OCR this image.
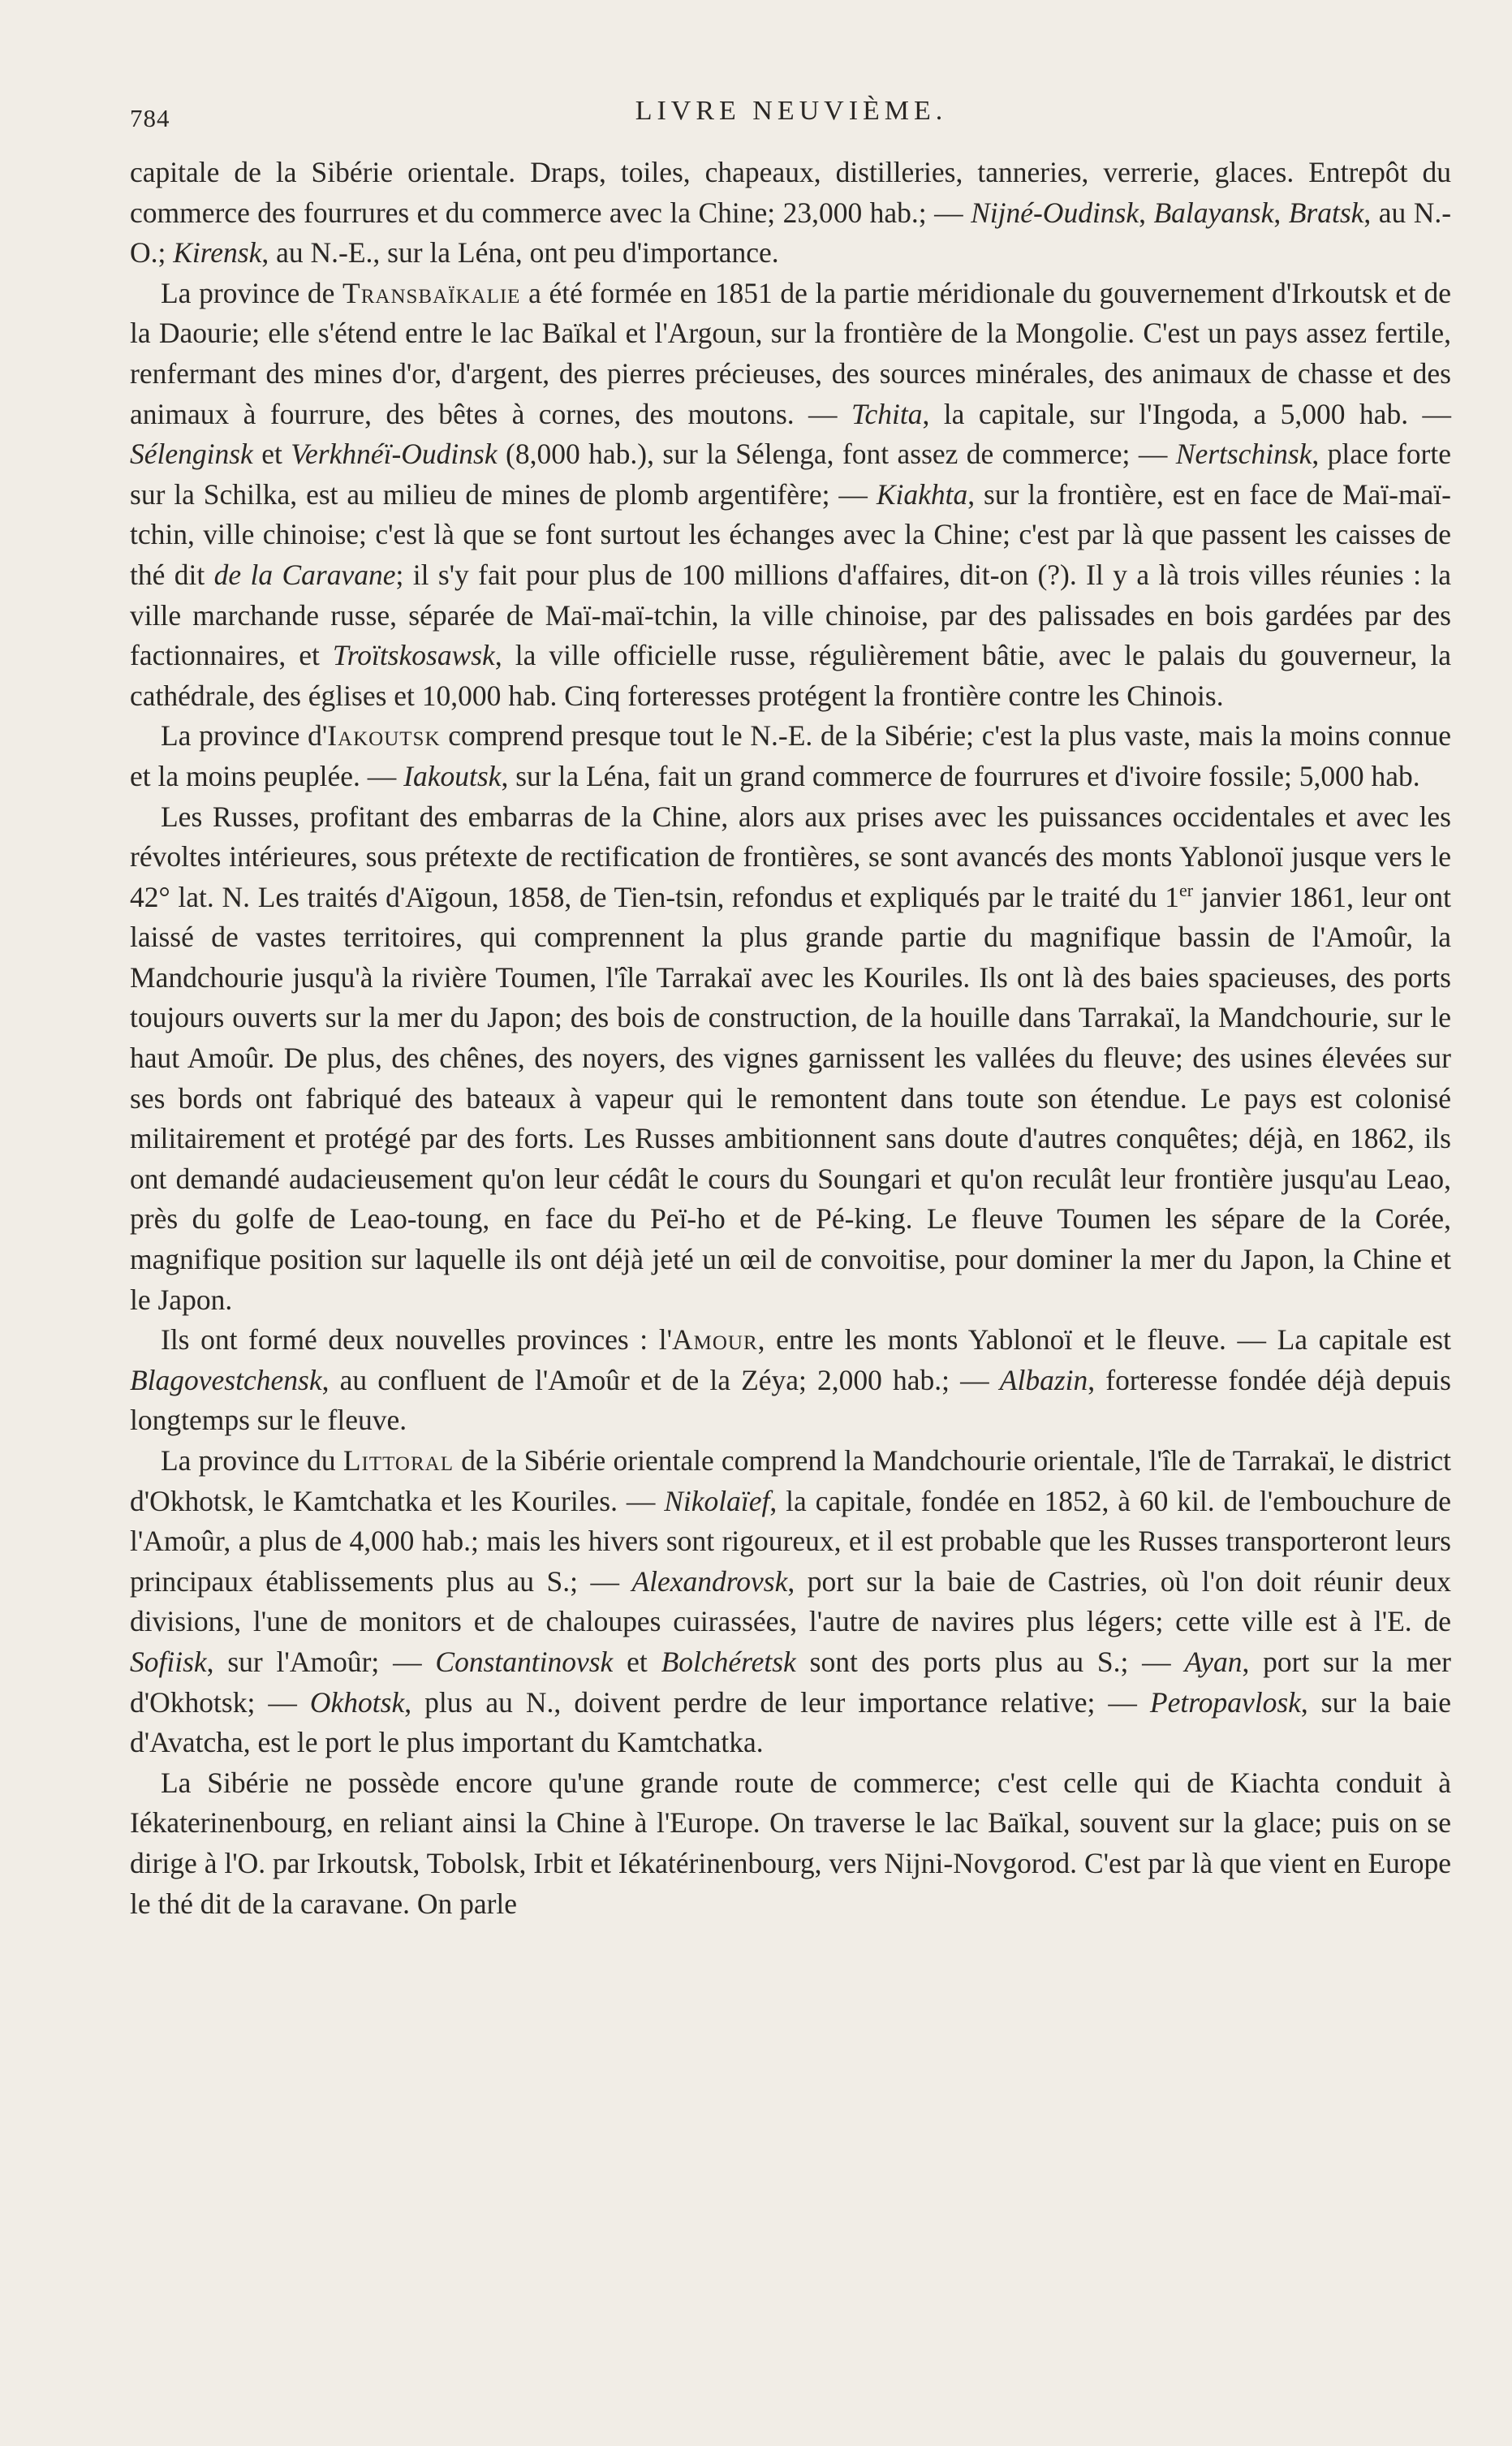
784	LIVRE NEUVIÈME.

capitale de la Sibérie orientale. Draps, toiles, chapeaux, distilleries, tanneries, verrerie, glaces. Entrepôt du commerce des fourrures et du commerce avec la Chine; 23,000 hab.; — Nijné-Oudinsk, Balayansk, Bratsk, au N.-O.; Kirensk, au N.-E., sur la Léna, ont peu d'importance.

La province de Transbaïkalie a été formée en 1851 de la partie méridionale du gouvernement d'Irkoutsk et de la Daourie; elle s'étend entre le lac Baïkal et l'Argoun, sur la frontière de la Mongolie. C'est un pays assez fertile, renfermant des mines d'or, d'argent, des pierres précieuses, des sources minérales, des animaux de chasse et des animaux à fourrure, des bêtes à cornes, des moutons. — Tchita, la capitale, sur l'Ingoda, a 5,000 hab. — Sélenginsk et Verkhnéï-Oudinsk (8,000 hab.), sur la Sélenga, font assez de commerce; — Nertschinsk, place forte sur la Schilka, est au milieu de mines de plomb argentifère; — Kiakhta, sur la frontière, est en face de Maï-maï-tchin, ville chinoise; c'est là que se font surtout les échanges avec la Chine; c'est par là que passent les caisses de thé dit de la Caravane; il s'y fait pour plus de 100 millions d'affaires, dit-on (?). Il y a là trois villes réunies : la ville marchande russe, séparée de Maï-maï-tchin, la ville chinoise, par des palissades en bois gardées par des factionnaires, et Troïtskosawsk, la ville officielle russe, régulièrement bâtie, avec le palais du gouverneur, la cathédrale, des églises et 10,000 hab. Cinq forteresses protégent la frontière contre les Chinois.

La province d'Iakoutsk comprend presque tout le N.-E. de la Sibérie; c'est la plus vaste, mais la moins connue et la moins peuplée. — Iakoutsk, sur la Léna, fait un grand commerce de fourrures et d'ivoire fossile; 5,000 hab.

Les Russes, profitant des embarras de la Chine, alors aux prises avec les puissances occidentales et avec les révoltes intérieures, sous prétexte de rectification de frontières, se sont avancés des monts Yablonoï jusque vers le 42° lat. N. Les traités d'Aïgoun, 1858, de Tien-tsin, refondus et expliqués par le traité du 1er janvier 1861, leur ont laissé de vastes territoires, qui comprennent la plus grande partie du magnifique bassin de l'Amoûr, la Mandchourie jusqu'à la rivière Toumen, l'île Tarrakaï avec les Kouriles. Ils ont là des baies spacieuses, des ports toujours ouverts sur la mer du Japon; des bois de construction, de la houille dans Tarrakaï, la Mandchourie, sur le haut Amoûr. De plus, des chênes, des noyers, des vignes garnissent les vallées du fleuve; des usines élevées sur ses bords ont fabriqué des bateaux à vapeur qui le remontent dans toute son étendue. Le pays est colonisé militairement et protégé par des forts. Les Russes ambitionnent sans doute d'autres conquêtes; déjà, en 1862, ils ont demandé audacieusement qu'on leur cédât le cours du Soungari et qu'on reculât leur frontière jusqu'au Leao, près du golfe de Leao-toung, en face du Peï-ho et de Pé-king. Le fleuve Toumen les sépare de la Corée, magnifique position sur laquelle ils ont déjà jeté un œil de convoitise, pour dominer la mer du Japon, la Chine et le Japon.

Ils ont formé deux nouvelles provinces : l'Amour, entre les monts Yablonoï et le fleuve. — La capitale est Blagovestchensk, au confluent de l'Amoûr et de la Zéya; 2,000 hab.; — Albazin, forteresse fondée déjà depuis longtemps sur le fleuve.

La province du Littoral de la Sibérie orientale comprend la Mandchourie orientale, l'île de Tarrakaï, le district d'Okhotsk, le Kamtchatka et les Kouriles. — Nikolaïef, la capitale, fondée en 1852, à 60 kil. de l'embouchure de l'Amoûr, a plus de 4,000 hab.; mais les hivers sont rigoureux, et il est probable que les Russes transporteront leurs principaux établissements plus au S.; — Alexandrovsk, port sur la baie de Castries, où l'on doit réunir deux divisions, l'une de monitors et de chaloupes cuirassées, l'autre de navires plus légers; cette ville est à l'E. de Sofiisk, sur l'Amoûr; — Constantinovsk et Bolchéretsk sont des ports plus au S.; — Ayan, port sur la mer d'Okhotsk; — Okhotsk, plus au N., doivent perdre de leur importance relative; — Petropavlosk, sur la baie d'Avatcha, est le port le plus important du Kamtchatka.

La Sibérie ne possède encore qu'une grande route de commerce; c'est celle qui de Kiachta conduit à Iékaterinenbourg, en reliant ainsi la Chine à l'Europe. On traverse le lac Baïkal, souvent sur la glace; puis on se dirige à l'O. par Irkoutsk, Tobolsk, Irbit et Iékatérinenbourg, vers Nijni-Novgorod. C'est par là que vient en Europe le thé dit de la caravane. On parle
